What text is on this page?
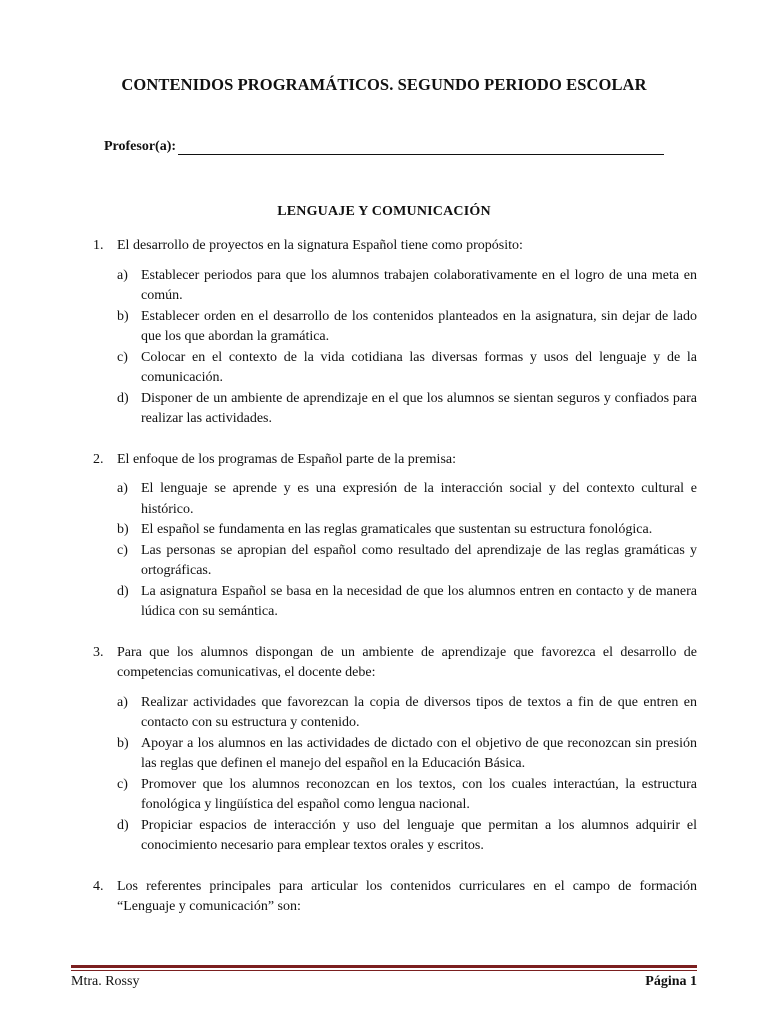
CONTENIDOS PROGRAMÁTICOS. SEGUNDO PERIODO ESCOLAR
Profesor(a):
LENGUAJE Y COMUNICACIÓN
1. El desarrollo de proyectos en la signatura Español tiene como propósito:
a) Establecer periodos para que los alumnos trabajen colaborativamente en el logro de una meta en común.
b) Establecer orden en el desarrollo de los contenidos planteados en la asignatura, sin dejar de lado que los que abordan la gramática.
c) Colocar en el contexto de la vida cotidiana las diversas formas y usos del lenguaje y de la comunicación.
d) Disponer de un ambiente de aprendizaje en el que los alumnos se sientan seguros y confiados para realizar las actividades.
2. El enfoque de los programas de Español parte de la premisa:
a) El lenguaje se aprende y es una expresión de la interacción social y del contexto cultural e histórico.
b) El español se fundamenta en las reglas gramaticales que sustentan su estructura fonológica.
c) Las personas se apropian del español como resultado del aprendizaje de las reglas gramáticas y ortográficas.
d) La asignatura Español se basa en la necesidad de que los alumnos entren en contacto y de manera lúdica con su semántica.
3. Para que los alumnos dispongan de un ambiente de aprendizaje que favorezca el desarrollo de competencias comunicativas, el docente debe:
a) Realizar actividades que favorezcan la copia de diversos tipos de textos a fin de que entren en contacto con su estructura y contenido.
b) Apoyar a los alumnos en las actividades de dictado con el objetivo de que reconozcan sin presión las reglas que definen el manejo del español en la Educación Básica.
c) Promover que los alumnos reconozcan en los textos, con los cuales interactúan, la estructura fonológica y lingüística del español como lengua nacional.
d) Propiciar espacios de interacción y uso del lenguaje que permitan a los alumnos adquirir el conocimiento necesario para emplear textos orales y escritos.
4. Los referentes principales para articular los contenidos curriculares en el campo de formación “Lenguaje y comunicación” son:
Mtra. Rossy	Página 1
